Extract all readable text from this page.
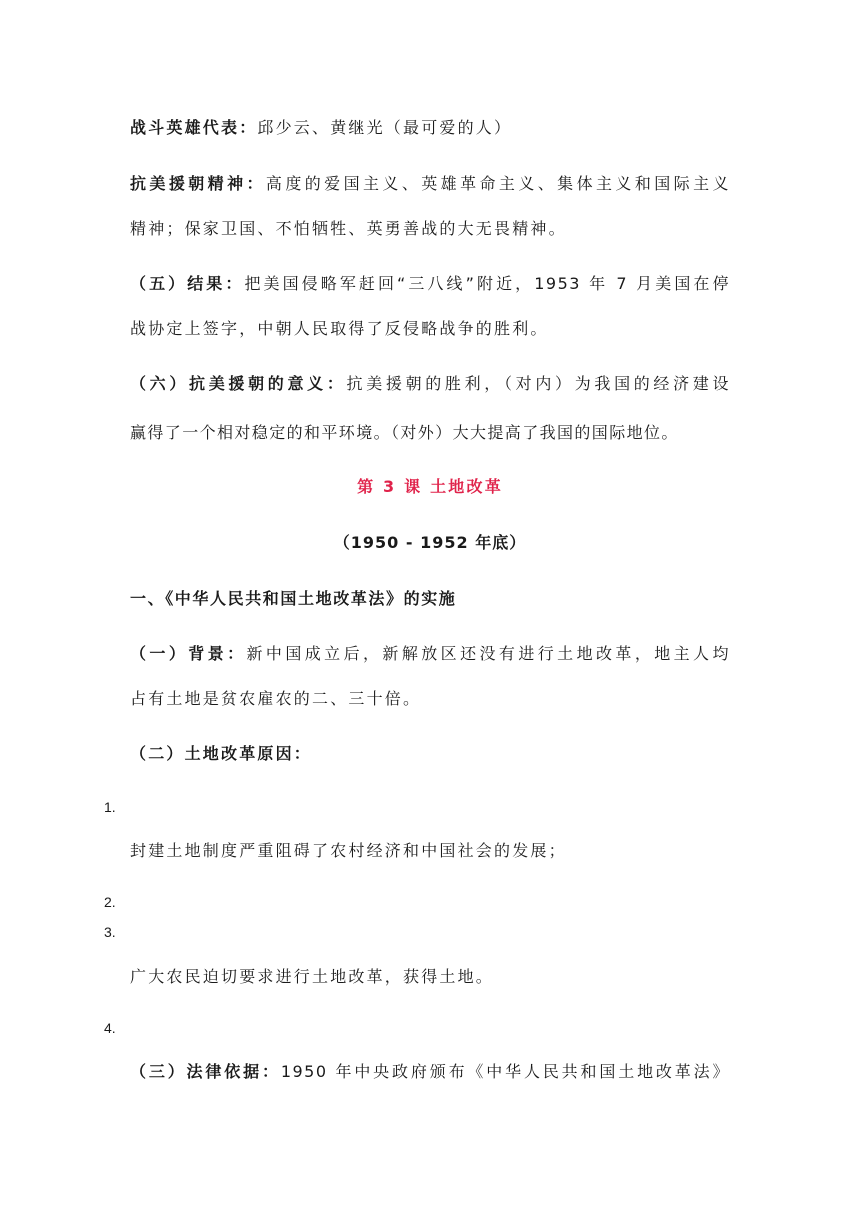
战斗英雄代表：邱少云、黄继光（最可爱的人）
抗美援朝精神：高度的爱国主义、英雄革命主义、集体主义和国际主义
精神；保家卫国、不怕牺牲、英勇善战的大无畏精神。
（五）结果：把美国侵略军赶回“三八线”附近，1953 年 7 月美国在停
战协定上签字，中朝人民取得了反侵略战争的胜利。
（六）抗美援朝的意义：抗美援朝的胜利，（对内）为我国的经济建设
赢得了一个相对稳定的和平环境。（对外）大大提高了我国的国际地位。
第 3 课 土地改革
（1950 - 1952 年底）
一、《中华人民共和国土地改革法》的实施
（一）背景：新中国成立后，新解放区还没有进行土地改革，地主人均
占有土地是贫农雇农的二、三十倍。
（二）土地改革原因：
1.
封建土地制度严重阻碍了农村经济和中国社会的发展；
2.
3.
广大农民迫切要求进行土地改革，获得土地。
4.
（三）法律依据：1950 年中央政府颁布《中华人民共和国土地改革法》
